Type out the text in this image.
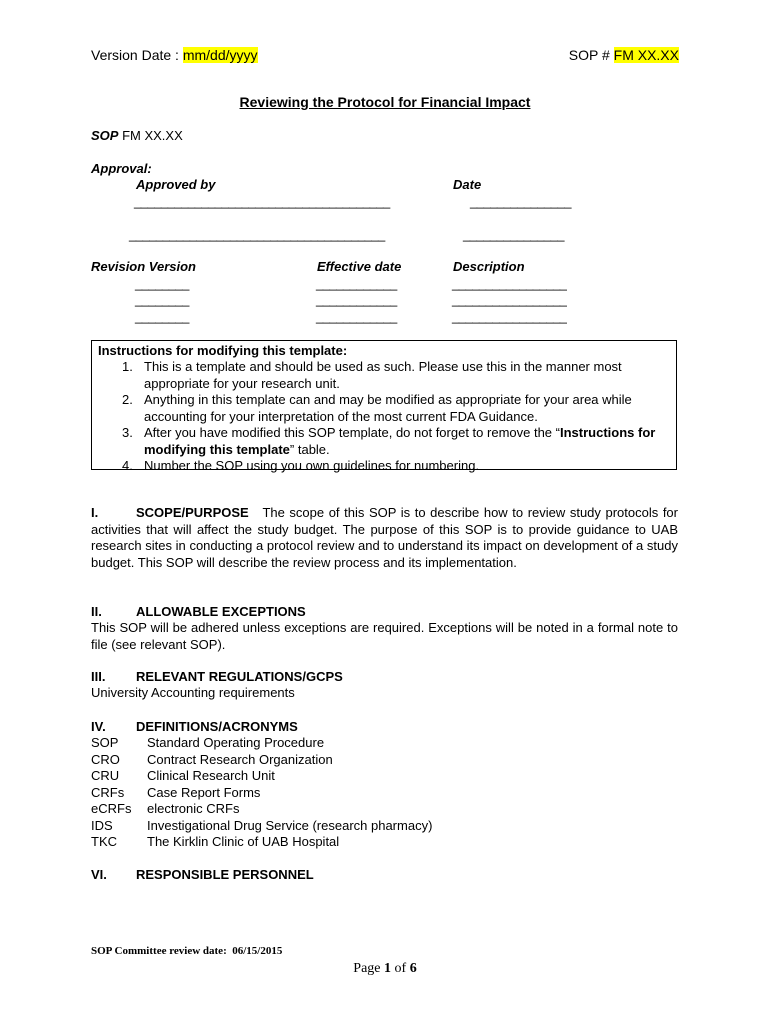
Version Date : mm/dd/yyyy	SOP # FM XX.XX
Reviewing the Protocol for Financial Impact
SOP FM XX.XX
Approval:
Approved by	Date
______________________________________	_______________
______________________________________	_______________
Revision Version	Effective date	Description
________	____________	_________________
________	____________	_________________
________	____________	_________________
Instructions for modifying this template:
1. This is a template and should be used as such. Please use this in the manner most appropriate for your research unit.
2. Anything in this template can and may be modified as appropriate for your area while accounting for your interpretation of the most current FDA Guidance.
3. After you have modified this SOP template, do not forget to remove the “Instructions for modifying this template” table.
4. Number the SOP using you own guidelines for numbering.
I.	SCOPE/PURPOSE The scope of this SOP is to describe how to review study protocols for activities that will affect the study budget. The purpose of this SOP is to provide guidance to UAB research sites in conducting a protocol review and to understand its impact on development of a study budget. This SOP will describe the review process and its implementation.
II.	ALLOWABLE EXCEPTIONS
This SOP will be adhered unless exceptions are required. Exceptions will be noted in a formal note to file (see relevant SOP).
III. RELEVANT REGULATIONS/GCPS
University Accounting requirements
IV. DEFINITIONS/ACRONYMS
SOP Standard Operating Procedure
CRO Contract Research Organization
CRU Clinical Research Unit
CRFs Case Report Forms
eCRFs electronic CRFs
IDS	Investigational Drug Service (research pharmacy)
TKC The Kirklin Clinic of UAB Hospital
VI. RESPONSIBLE PERSONNEL
SOP Committee review date: 06/15/2015
Page 1 of 6
